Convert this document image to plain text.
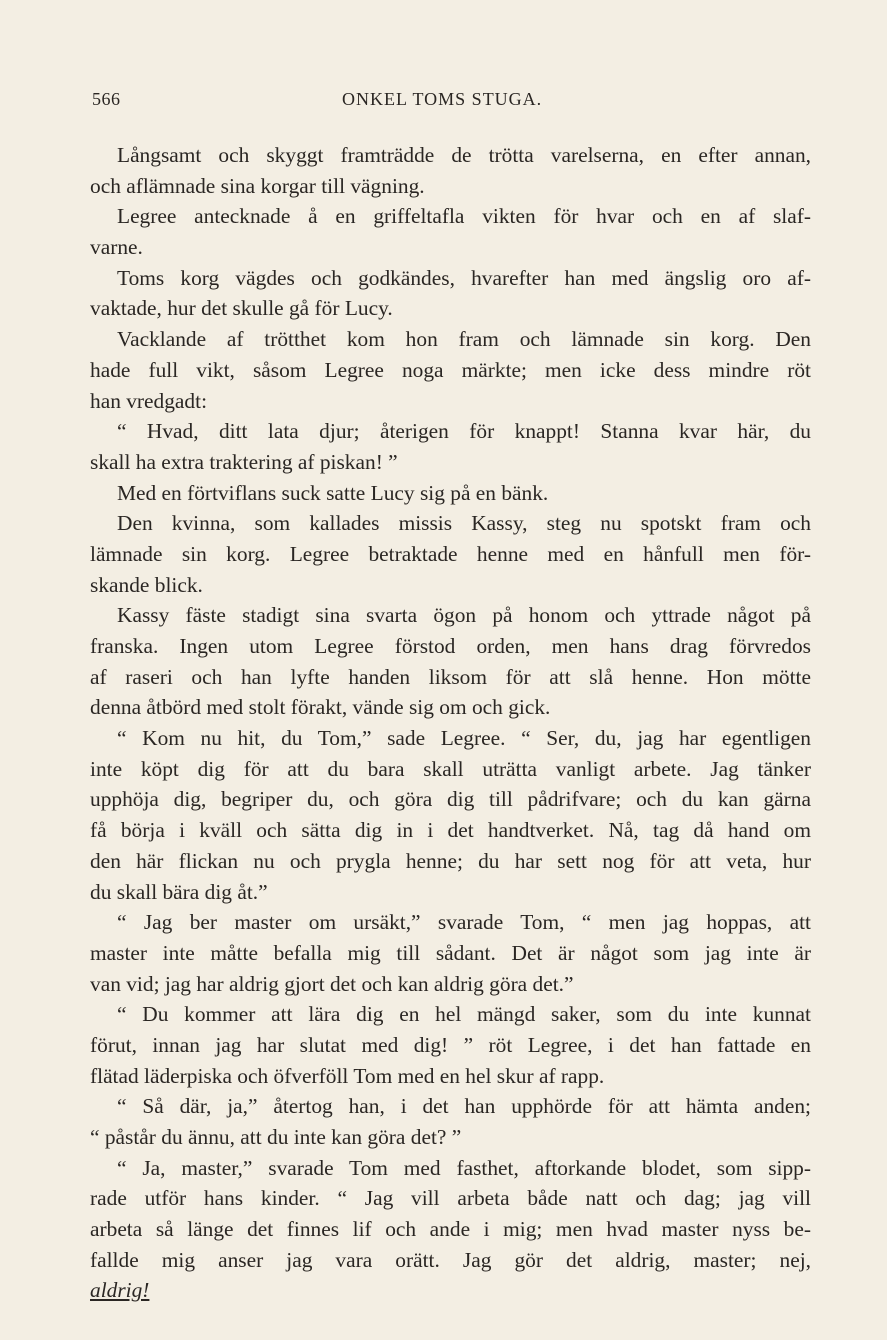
566	ONKEL TOMS STUGA.
Långsamt och skyggt framträdde de trötta varelserna, en efter annan,
och aflämnade sina korgar till vägning.
Legree antecknade å en griffeltafla vikten för hvar och en af slaf-
varne.
Toms korg vägdes och godkändes, hvarefter han med ängslig oro af-
vaktade, hur det skulle gå för Lucy.
Vacklande af trötthet kom hon fram och lämnade sin korg. Den
hade full vikt, såsom Legree noga märkte; men icke dess mindre röt
han vredgadt:
“ Hvad, ditt lata djur; återigen för knappt! Stanna kvar här, du
skall ha extra traktering af piskan! ”
Med en förtviflans suck satte Lucy sig på en bänk.
Den kvinna, som kallades missis Kassy, steg nu spotskt fram och
lämnade sin korg. Legree betraktade henne med en hånfull men för-
skande blick.
Kassy fäste stadigt sina svarta ögon på honom och yttrade något på
franska. Ingen utom Legree förstod orden, men hans drag förvredos
af raseri och han lyfte handen liksom för att slå henne. Hon mötte
denna åtbörd med stolt förakt, vände sig om och gick.
“ Kom nu hit, du Tom,” sade Legree. “ Ser, du, jag har egentligen
inte köpt dig för att du bara skall uträtta vanligt arbete. Jag tänker
upphöja dig, begriper du, och göra dig till pådrifvare; och du kan gärna
få börja i kväll och sätta dig in i det handtverket. Nå, tag då hand om
den här flickan nu och prygla henne; du har sett nog för att veta, hur
du skall bära dig åt.”
“ Jag ber master om ursäkt,” svarade Tom, “ men jag hoppas, att
master inte måtte befalla mig till sådant. Det är något som jag inte är
van vid; jag har aldrig gjort det och kan aldrig göra det.”
“ Du kommer att lära dig en hel mängd saker, som du inte kunnat
förut, innan jag har slutat med dig! ” röt Legree, i det han fattade en
flätad läderpiska och öfverföll Tom med en hel skur af rapp.
“ Så där, ja,” återtog han, i det han upphörde för att hämta anden;
“ påstår du ännu, att du inte kan göra det? ”
“ Ja, master,” svarade Tom med fasthet, aftorkande blodet, som sipp-
rade utför hans kinder. “ Jag vill arbeta både natt och dag; jag vill
arbeta så länge det finnes lif och ande i mig; men hvad master nyss be-
fallde mig anser jag vara orätt. Jag gör det aldrig, master; nej,
aldrig!
